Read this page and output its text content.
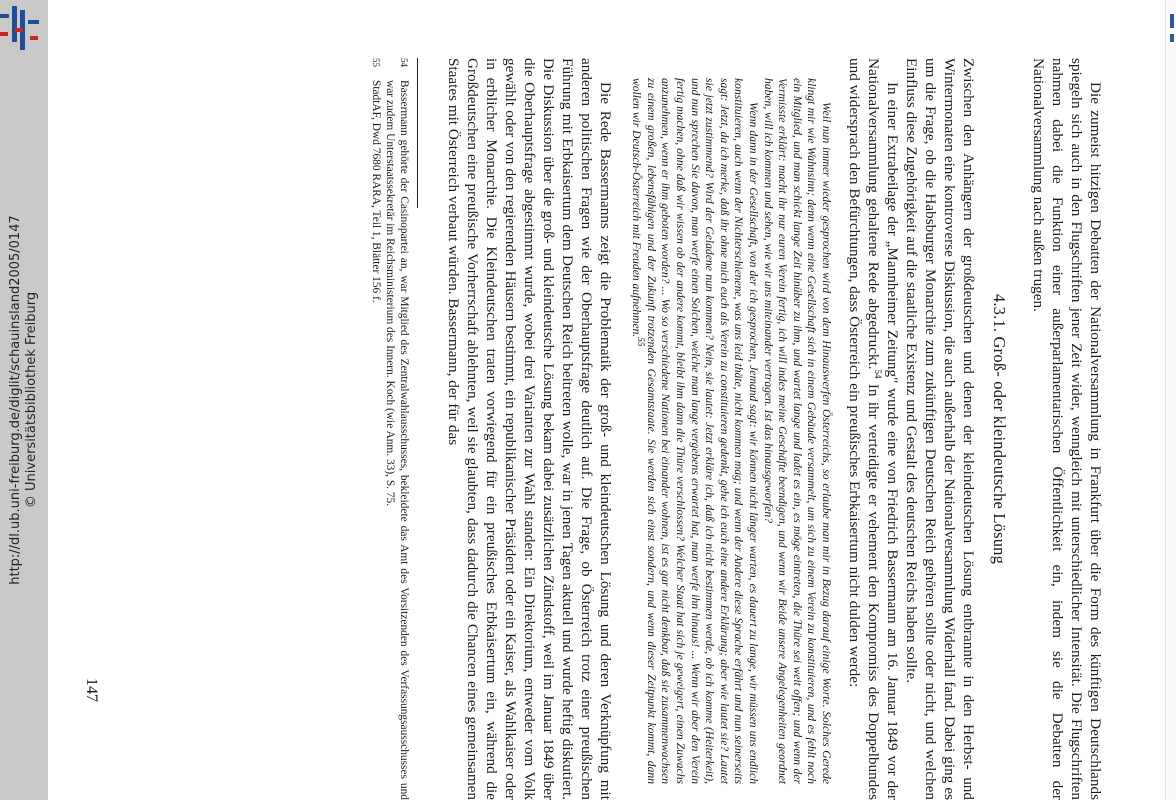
http://dl.ub.uni-freiburg.de/diglit/schauinsland2005/0147 © Universitätsbibliothek Freiburg	Die zumeist hitzigen Debatten der Nationalversammlung in Frankfurt über die Form des künftigen Deutschlands spiegeln sich auch in den Flugschriften jener Zeit wider, wenngleich mit unterschiedlicher Intensität. Die Flugschriften nahmen dabei die Funktion einer außerparlamentarischen Öffentlichkeit ein, indem sie die Debatten der Nationalversammlung nach außen trugen.

4.3.1. Groß- oder kleindeutsche Lösung

Zwischen den Anhängern der großdeutschen und denen der kleindeutschen Lösung entbrannte in den Herbst- und Wintermonaten eine kontroverse Diskussion, die auch außerhalb der Nationalversammlung Widerhall fand. Dabei ging es um die Frage, ob die Habsburger Monarchie zum zukünftigen Deutschen Reich gehören sollte oder nicht, und welchen Einfluss diese Zugehörigkeit auf die staatliche Existenz und Gestalt des deutschen Reichs haben sollte.

In einer Extrabeilage der „Mannheimer Zeitung" wurde eine von Friedrich Bassermann am 16. Januar 1849 vor der Nationalversammlung gehaltene Rede abgedruckt.$^{54}$ In ihr verteidigte er vehement den Kompromiss des Doppelbundes und widersprach den Befürchtungen, dass Österreich ein preußisches Erbkaisertum nicht dulden werde:

Weil nun immer wieder gesprochen wird von dem Hinauswerfen Österreichs, so erlaube man mir in Bezug darauf einige Worte. Solches Gerede klingt mir wie Wahnsinn; denn wenn eine Gesellschaft sich in einem Gebäude versammelt, um sich zu einem Verein zu konstituieren, und es fehlt noch ein Mitglied, und man schickt lange Zeit hinüber zu ihm, und wartet lange und ladet es ein, es möge eintreten, die Thüre sei weit offen; und wenn der Vermisste erklärt: macht ihr nur euren Verein fertig, ich will indes meine Geschäfte beendigen, und wenn wir Beide unsere Angelegenheiten geordnet haben, will ich kommen und sehen, wie wir uns miteinander vertragen. Ist das hinausgeworfen?

Wenn dann in der Gesellschaft, von der ich gesprochen, Jemand sagt: wir können nicht länger warten, es dauert zu lange, wir müssen uns endlich konstituieren, auch wenn der Nichterschienene, was uns leid thäte, nicht kommen mag; und wenn der Andere diese Sprache erfährt und nun seinerseits sagt: Jetzt, da ich merke, daß ihr ohne mich euch als Verein zu constituieren gedenkt, gehe ich euch eine andere Erklärung; aber wie lautet sie? Lautet sie jetzt zustimmend? Wird der Geladene nun kommen? Nein, sie lautet: Jetzt erkläre ich, daß ich nicht bestimmen werde, ob ich komme (Heiterkeit), und nun sprechen Sie davon, man werfe einen Solchen, welche man lange vergebens erwartet hat, man werfe ihn hinaus! ... Wenn wir aber den Verein fertig machen, ohne daß wir wissen ob der andere kommt, bleibt ihm dann die Thüre verschlossen? Welcher Staat hat sich je geweigert, einen Zuwachs anzunehmen, wenn er ihm geboten worden? ... Wo so verschiedene Nationen bei einander wohnen, ist es gar nicht denkbar, daß sie zusammenwachsen zu einem großen, lebensfähigen und der Zukunft trotzenden Gesamtstaate. Sie werden sich einst sondern, und wenn dieser Zeitpunkt kommt, dann wollen wir Deutsch-Österreich mit Freuden aufnehmen.$^{55}$

Die Rede Bassermanns zeigt die Problematik der groß- und kleindeutschen Lösung und deren Verknüpfung mit anderen politischen Fragen wie der Oberhauptsfrage deutlich auf. Die Frage, ob Österreich trotz einer preußischen Führung mit Erbkaisertum dem Deutschen Reich beitreten wolle, war in jenen Tagen aktuell und wurde heftig diskutiert. Die Diskussion über die groß- und kleindeutsche Lösung bekam dabei zusätzlichen Zündstoff, weil im Januar 1849 über die Oberhauptsfrage abgestimmt wurde, wobei drei Varianten zur Wahl standen: Ein Direktorium, entweder vom Volk gewählt oder von den regierenden Häusern bestimmt, ein republikanischer Präsident oder ein Kaiser, als Wahlkaiser oder in erblicher Monarchie. Die Kleindeutschen traten vorwiegend für ein preußisches Erbkaisertum ein, während die Großdeutschen eine preußische Vorherrschaft ablehnten, weil sie glaubten, dass dadurch die Chancen eines gemeinsamen Staates mit Österreich verbaut würden. Bassermann, der für das

54
Bassermann gehörte der Casinopartei an, war Mitglied des Zentralwahlausschusses, bekleidete das Amt des Vorsitzenden des Verfassungsausschusses und war zudem Unterstaatssekretär im Reichsministerium des Innern. Koch (wie Anm. 33), S. 75.
55
StadtAF, Dwd 7680 RARA, Teil 1, Blätter 156 f.
147
